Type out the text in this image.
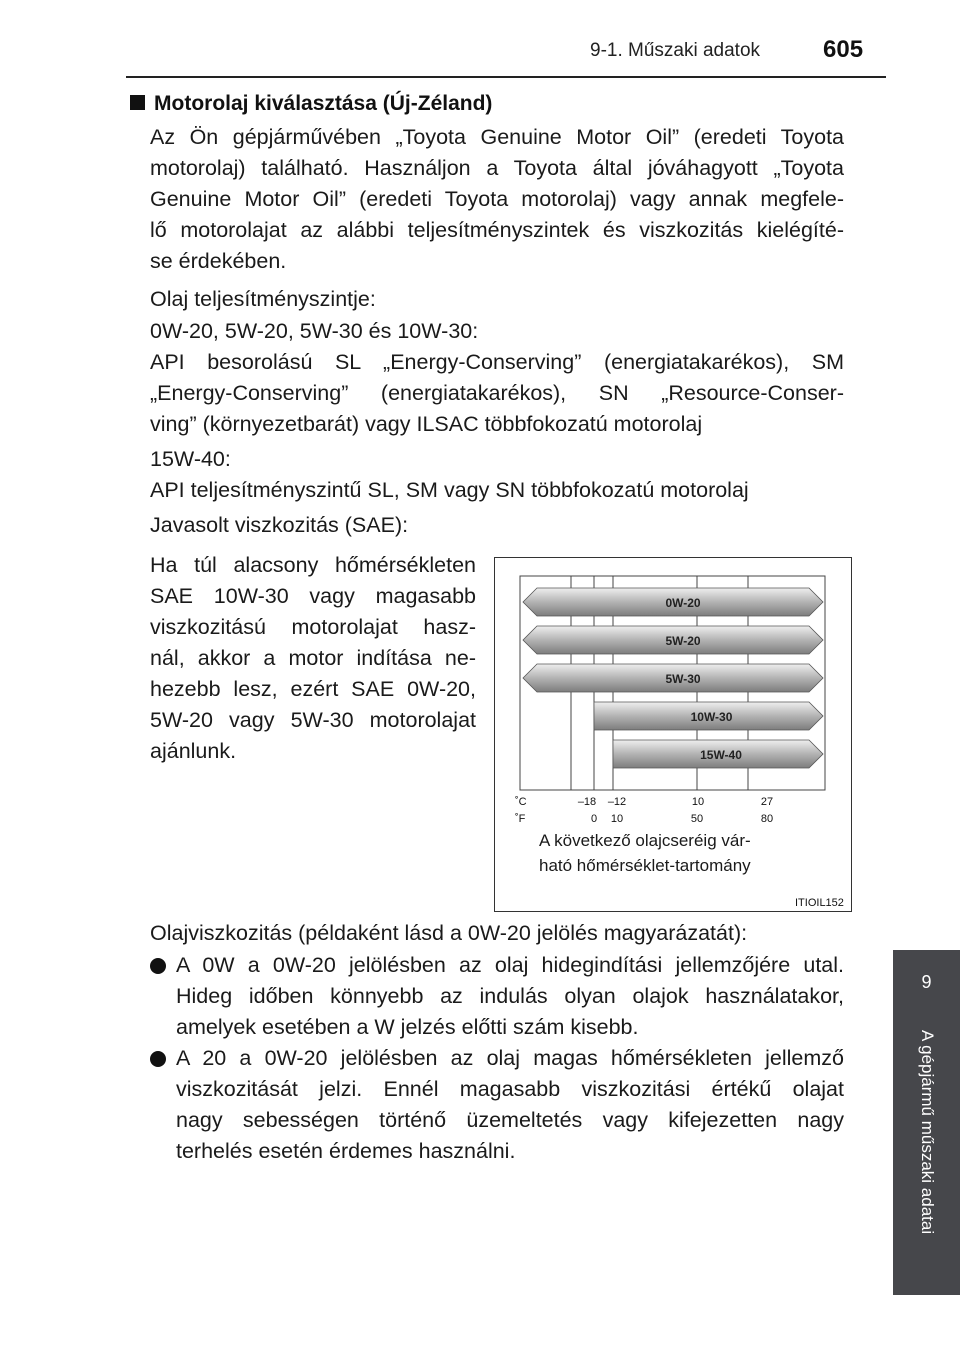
9-1. Műszaki adatok	605
9
A gépjármű műszaki adatai
Motorolaj kiválasztása (Új-Zéland)
Az Ön gépjárművében „Toyota Genuine Motor Oil” (eredeti Toyota
motorolaj) található. Használjon a Toyota által jóváhagyott „Toyota
Genuine Motor Oil” (eredeti Toyota motorolaj) vagy annak megfele-
lő motorolajat az alábbi teljesítményszintek és viszkozitás kielégíté-
se érdekében.
Olaj teljesítményszintje:
0W-20, 5W-20, 5W-30 és 10W-30:
API besorolású SL „Energy-Conserving” (energiatakarékos), SM
„Energy-Conserving” (energiatakarékos), SN „Resource-Conser-
ving” (környezetbarát) vagy ILSAC többfokozatú motorolaj
15W-40:
API teljesítményszintű SL, SM vagy SN többfokozatú motorolaj
Javasolt viszkozitás (SAE):
Ha túl alacsony hőmérsékleten
SAE 10W-30 vagy magasabb
viszkozitású motorolajat hasz-
nál, akkor a motor indítása ne-
hezebb lesz, ezért SAE 0W-20,
5W-20 vagy 5W-30 motorolajat
ajánlunk.
0W-20
5W-20
5W-30
10W-30
15W-40
˚C
˚F
–18 –12	10	27
0 10	50	80
A következő olajcseréig vár-
ható hőmérséklet-tartomány
ITIOIL152
Olajviszkozitás (példaként lásd a 0W-20 jelölés magyarázatát):
A 0W a 0W-20 jelölésben az olaj hidegindítási jellemzőjére utal.
Hideg időben könnyebb az indulás olyan olajok használatakor,
amelyek esetében a W jelzés előtti szám kisebb.
A 20 a 0W-20 jelölésben az olaj magas hőmérsékleten jellemző
viszkozitását jelzi. Ennél magasabb viszkozitási értékű olajat
nagy sebességen történő üzemeltetés vagy kifejezetten nagy
terhelés esetén érdemes használni.
